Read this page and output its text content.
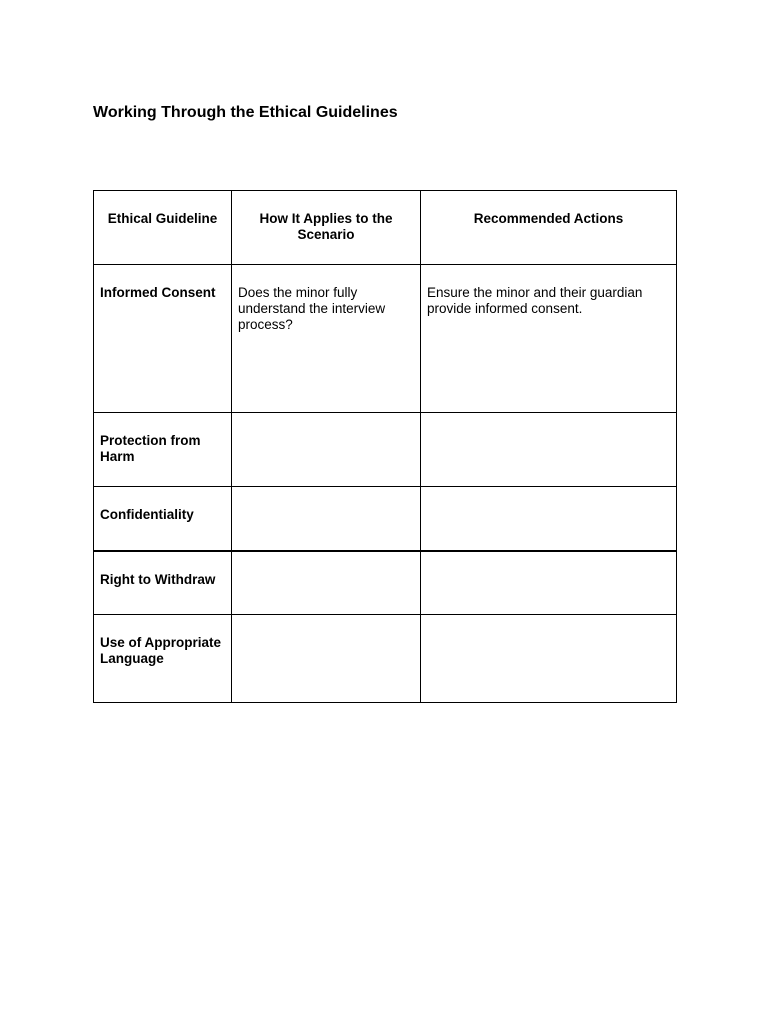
Working Through the Ethical Guidelines
Ethical Guideline	How It Applies to the Scenario	Recommended Actions
Informed Consent	Does the minor fully understand the interview process?	Ensure the minor and their guardian provide informed consent.
Protection from Harm		
Confidentiality		
Right to Withdraw		
Use of Appropriate Language		
